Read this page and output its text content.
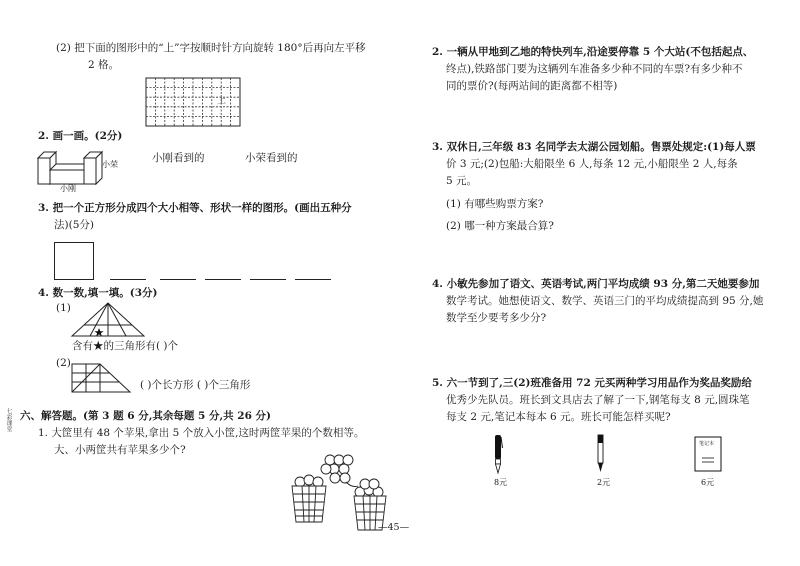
(2) 把下面的图形中的“上”字按顺时针方向旋转 180°后再向左平移
2 格。
上
2. 画一画。(2分)
小荣
小刚
小刚看到的	小荣看到的
3. 把一个正方形分成四个大小相等、形状一样的图形。(画出五种分
法)(5分)
4. 数一数,填一填。(3分)
(1)
含有★的三角形有( )个
(2)
( )个长方形 ( )个三角形
六、解答题。(第 3 题 6 分,其余每题 5 分,共 26 分)
1. 大筐里有 48 个苹果,拿出 5 个放入小筐,这时两筐苹果的个数相等。
大、小两筐共有苹果多少个?
七彩课堂
—45—
2. 一辆从甲地到乙地的特快列车,沿途要停靠 5 个大站(不包括起点、
终点),铁路部门要为这辆列车准备多少种不同的车票?有多少种不
同的票价?(每两站间的距离都不相等)
3. 双休日,三年级 83 名同学去太湖公园划船。售票处规定:(1)每人票
价 3 元;(2)包船:大船限坐 6 人,每条 12 元,小船限坐 2 人,每条
5 元。
(1) 有哪些购票方案?
(2) 哪一种方案最合算?
4. 小敏先参加了语文、英语考试,两门平均成绩 93 分,第二天她要参加
数学考试。她想使语文、数学、英语三门的平均成绩提高到 95 分,她
数学至少要考多少分?
5. 六一节到了,三(2)班准备用 72 元买两种学习用品作为奖品奖励给
优秀少先队员。班长到文具店去了解了一下,钢笔每支 8 元,圆珠笔
每支 2 元,笔记本每本 6 元。班长可能怎样买呢?
8元	2元
笔记本
6元
